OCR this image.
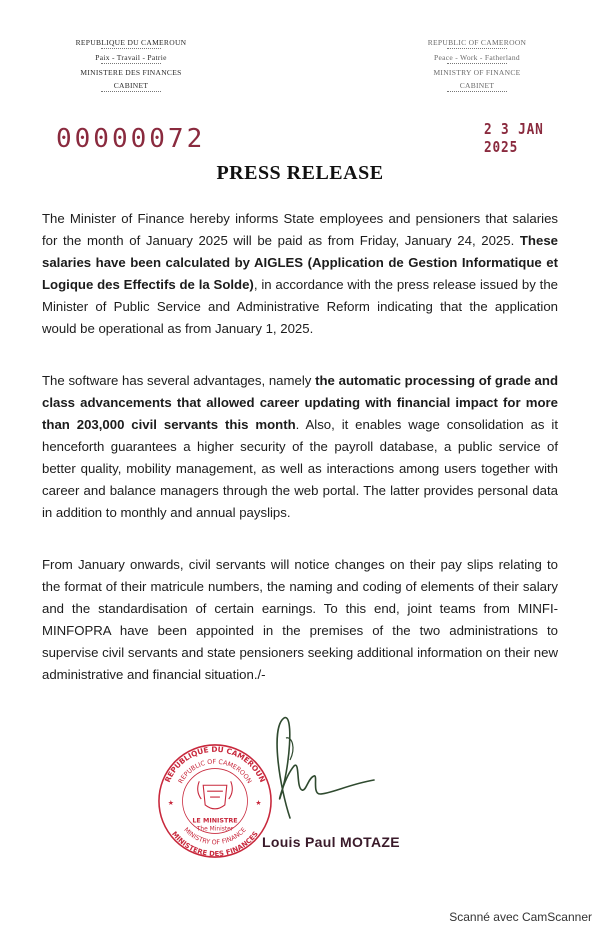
REPUBLIQUE DU CAMEROUN
Paix - Travail - Patrie
MINISTERE DES FINANCES
CABINET
REPUBLIC OF CAMEROON
Peace - Work - Fatherland
MINISTRY OF FINANCE
CABINET
00000072	2 3 JAN 2025
PRESS RELEASE
The Minister of Finance hereby informs State employees and pensioners that salaries for the month of January 2025 will be paid as from Friday, January 24, 2025. These salaries have been calculated by AIGLES (Application de Gestion Informatique et Logique des Effectifs de la Solde), in accordance with the press release issued by the Minister of Public Service and Administrative Reform indicating that the application would be operational as from January 1, 2025.
The software has several advantages, namely the automatic processing of grade and class advancements that allowed career updating with financial impact for more than 203,000 civil servants this month. Also, it enables wage consolidation as it henceforth guarantees a higher security of the payroll database, a public service of better quality, mobility management, as well as interactions among users together with career and balance managers through the web portal. The latter provides personal data in addition to monthly and annual payslips.
From January onwards, civil servants will notice changes on their pay slips relating to the format of their matricule numbers, the naming and coding of elements of their salary and the standardisation of certain earnings. To this end, joint teams from MINFI-MINFOPRA have been appointed in the premises of the two administrations to supervise civil servants and state pensioners seeking additional information on their new administrative and financial situation./-
REPUBLIQUE DU CAMEROUN
REPUBLIC OF CAMEROON
MINISTERE DES FINANCES
MINISTRY OF FINANCE
LE MINISTRE
The Minister
★	★
Louis Paul MOTAZE
Scanné avec CamScanner
